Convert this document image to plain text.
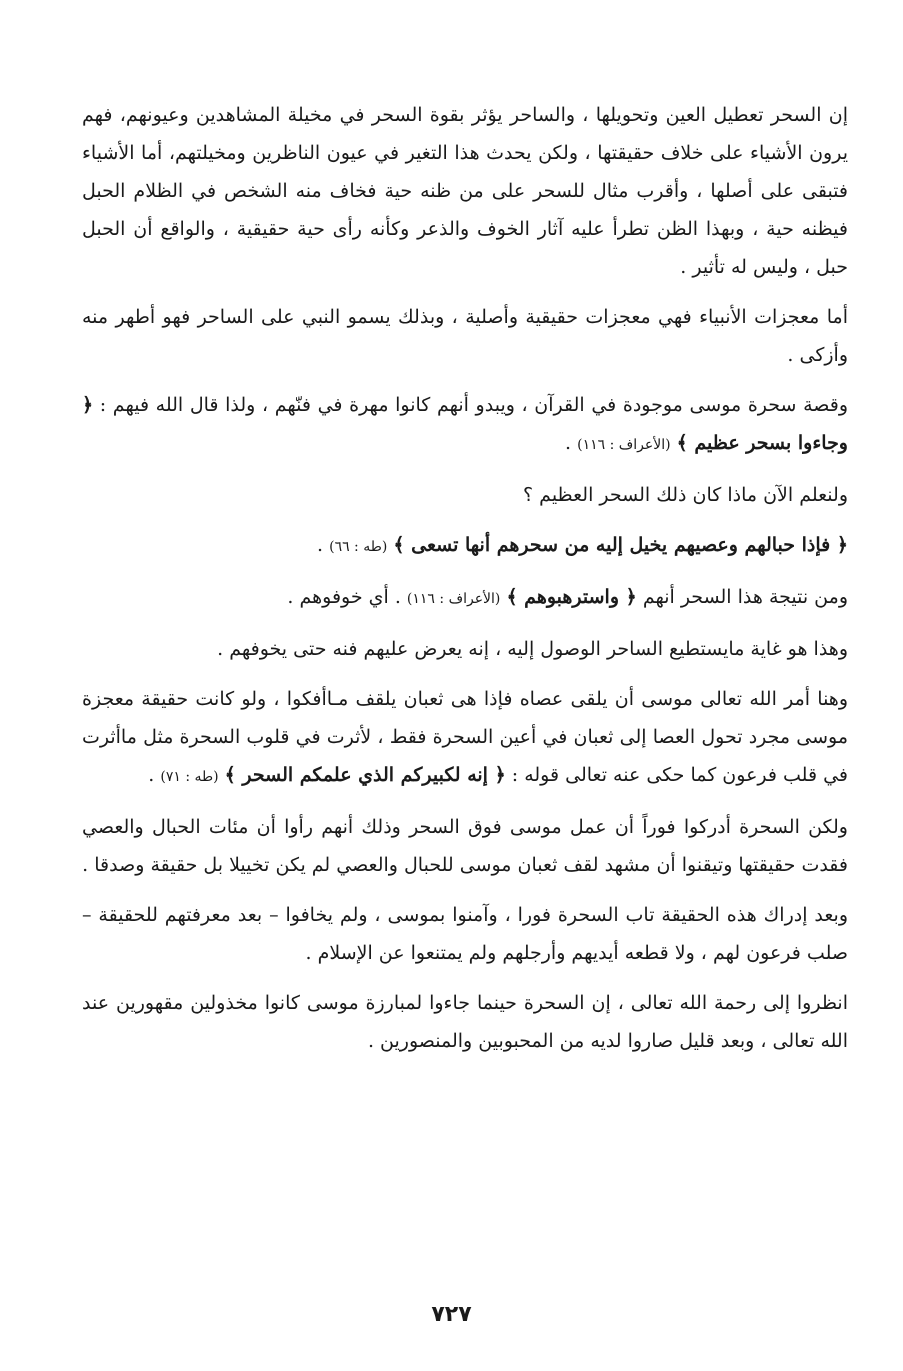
إن السحر تعطيل العين وتحويلها ، والساحر يؤثر بقوة السحر في مخيلة المشاهدين وعيونهم، فهم يرون الأشياء على خلاف حقيقتها ، ولكن يحدث هذا التغير في عيون الناظرين ومخيلتهم، أما الأشياء فتبقى على أصلها ، وأقرب مثال للسحر على من ظنه حية فخاف منه الشخص في الظلام الحبل فيظنه حية ، وبهذا الظن تطرأ عليه آثار الخوف والذعر وكأنه رأى حية حقيقية ، والواقع أن الحبل حبل ، وليس له تأثير .

أما معجزات الأنبياء فهي معجزات حقيقية وأصلية ، وبذلك يسمو النبي على الساحر فهو أطهر منه وأزكى .

وقصة سحرة موسى موجودة في القرآن ، ويبدو أنهم كانوا مهرة في فنّهم ، ولذا قال الله فيهم : ﴿ وجاءوا بسحر عظيم ﴾ (الأعراف : ١١٦) .

ولنعلم الآن ماذا كان ذلك السحر العظيم ؟

﴿ فإذا حبالهم وعصيهم يخيل إليه من سحرهم أنها تسعى ﴾ (طه : ٦٦) .

ومن نتيجة هذا السحر أنهم ﴿ واسترهبوهم ﴾ (الأعراف : ١١٦) . أي خوفوهم .

وهذا هو غاية مايستطيع الساحر الوصول إليه ، إنه يعرض عليهم فنه حتى يخوفهم .

وهنا أمر الله تعالى موسى أن يلقى عصاه فإذا هى ثعبان يلقف مـاأفكوا ، ولو كانت حقيقة معجزة موسى مجرد تحول العصا إلى ثعبان في أعين السحرة فقط ، لأثرت في قلوب السحرة مثل ماأثرت في قلب فرعون كما حكى عنه تعالى قوله : ﴿ إنه لكبيركم الذي علمكم السحر ﴾ (طه : ٧١) .

ولكن السحرة أدركوا فوراً أن عمل موسى فوق السحر وذلك أنهم رأوا أن مئات الحبال والعصي فقدت حقيقتها وتيقنوا أن مشهد لقف ثعبان موسى للحبال والعصي لم يكن تخييلا بل حقيقة وصدقا .

وبعد إدراك هذه الحقيقة تاب السحرة فورا ، وآمنوا بموسى ، ولم يخافوا – بعد معرفتهم للحقيقة – صلب فرعون لهم ، ولا قطعه أيديهم وأرجلهم ولم يمتنعوا عن الإسلام .

انظروا إلى رحمة الله تعالى ، إن السحرة حينما جاءوا لمبارزة موسى كانوا مخذولين مقهورين عند الله تعالى ، وبعد قليل صاروا لديه من المحبوبين والمنصورين .

٧٢٧
